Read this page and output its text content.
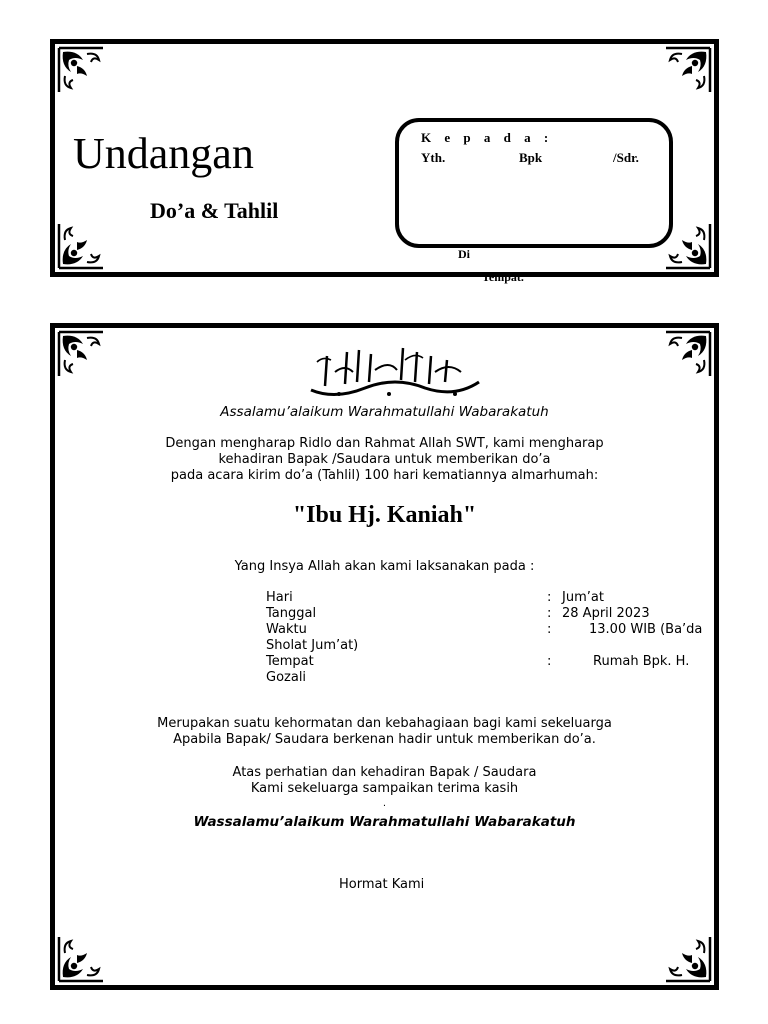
Undangan
Do’a & Tahlil
K e p a d a :
Yth.	Bpk	/Sdr.
Di
Tempat.
Assalamu’alaikum Warahmatullahi Wabarakatuh
Dengan mengharap Ridlo dan Rahmat Allah SWT, kami mengharap
kehadiran Bapak /Saudara untuk memberikan do’a
pada acara kirim do’a (Tahlil) 100 hari kematiannya almarhumah:
"Ibu Hj. Kaniah"
Yang Insya Allah akan kami laksanakan pada :
Hari	: Jum’at
Tanggal	: 28 April 2023
Waktu	:	13.00 WIB (Ba’da
Sholat Jum’at)
Tempat	:	Rumah Bpk. H.
Gozali
Merupakan suatu kehormatan dan kebahagiaan bagi kami sekeluarga
Apabila Bapak/ Saudara berkenan hadir untuk memberikan do’a.
Atas perhatian dan kehadiran Bapak / Saudara
Kami sekeluarga sampaikan terima kasih
.
Wassalamu’alaikum Warahmatullahi Wabarakatuh
Hormat Kami
